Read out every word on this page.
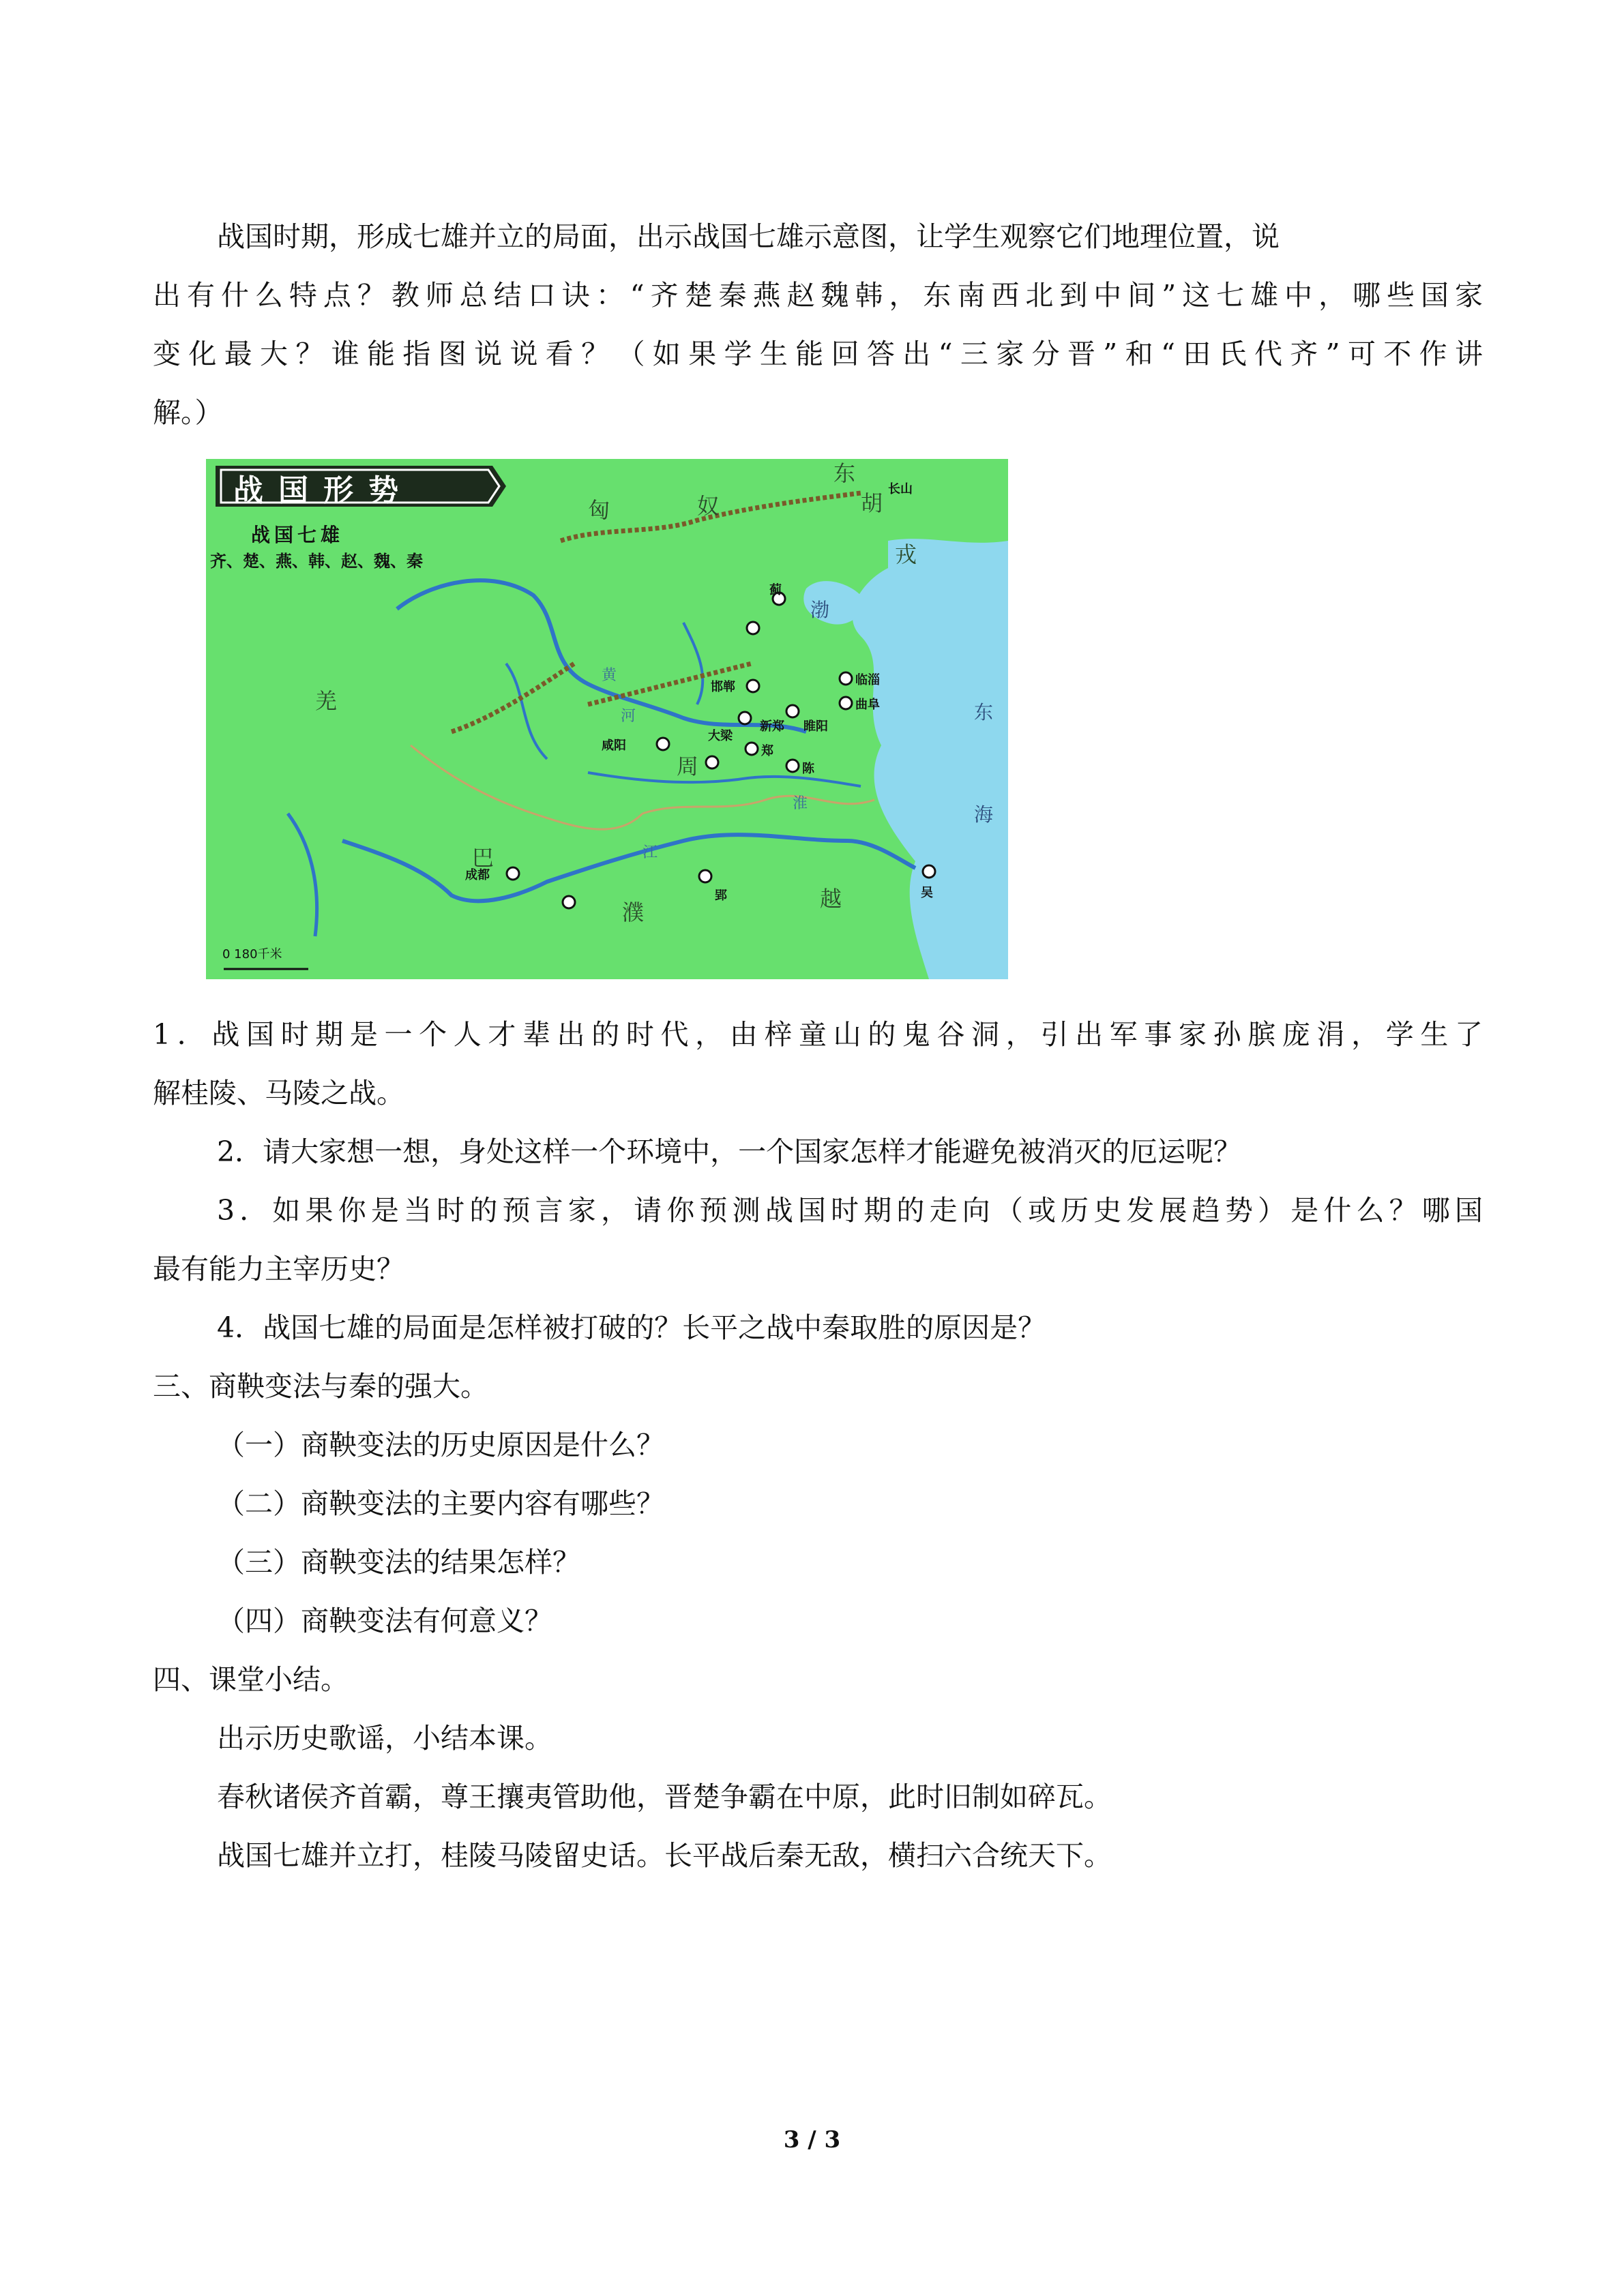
战国时期，形成七雄并立的局面，出示战国七雄示意图，让学生观察它们地理位置，说

出有什么特点？教师总结口诀：“齐楚秦燕赵魏韩，东南西北到中间”这七雄中，哪些国家

变化最大？谁能指图说说看？（如果学生能回答出“三家分晋”和“田氏代齐”可不作讲

解。）

战国形势
战国七雄
齐、楚、燕、韩、赵、魏、秦
匈	奴
羌
东
胡
长山
戎
巴	江
濮
越	吴
东
海
渤
黄
河
淮
蓟
邯郸	临淄
曲阜
大梁
咸阳
周
郑
陈
成都
郢
新郑 睢阳
0 180千米

1．战国时期是一个人才辈出的时代，由梓童山的鬼谷洞，引出军事家孙膑庞涓，学生了

解桂陵、马陵之战。

2．请大家想一想，身处这样一个环境中，一个国家怎样才能避免被消灭的厄运呢？

3．如果你是当时的预言家，请你预测战国时期的走向（或历史发展趋势）是什么？哪国

最有能力主宰历史？

4．战国七雄的局面是怎样被打破的？长平之战中秦取胜的原因是？

三、商鞅变法与秦的强大。

（一）商鞅变法的历史原因是什么？

（二）商鞅变法的主要内容有哪些？

（三）商鞅变法的结果怎样？

（四）商鞅变法有何意义？

四、课堂小结。

出示历史歌谣，小结本课。

春秋诸侯齐首霸，尊王攘夷管助他，晋楚争霸在中原，此时旧制如碎瓦。

战国七雄并立打，桂陵马陵留史话。长平战后秦无敌，横扫六合统天下。

3 / 3
